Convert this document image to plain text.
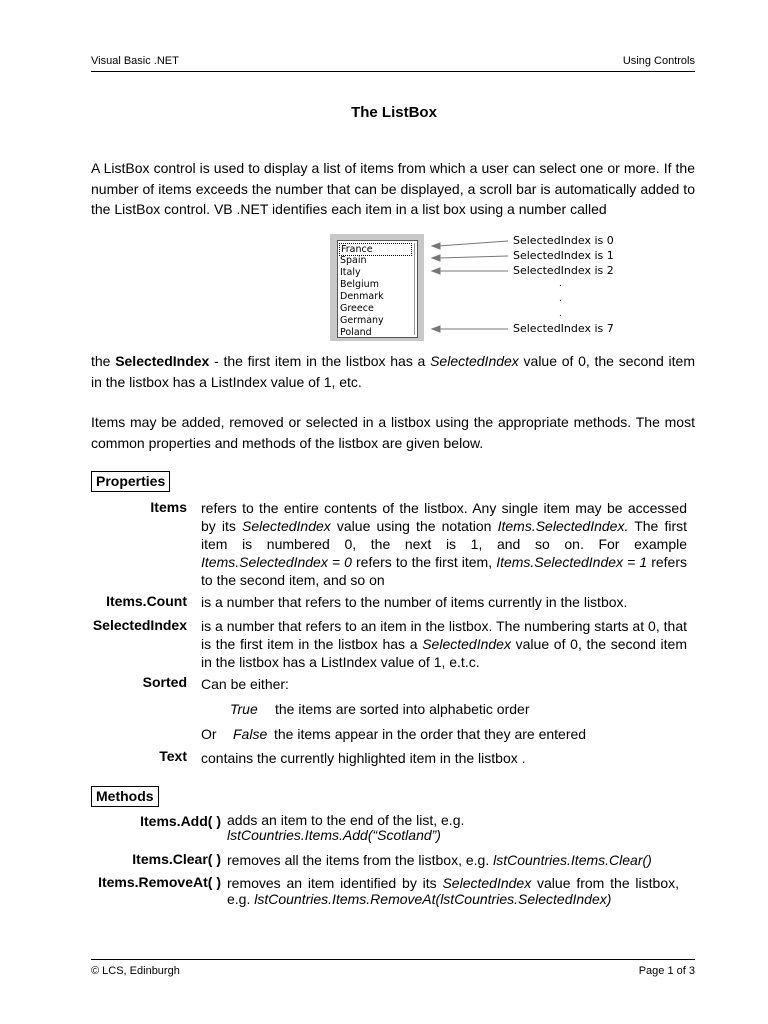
Visual Basic .NET	Using Controls
The ListBox

A ListBox control is used to display a list of items from which a user can select one or more. If the number of items exceeds the number that can be displayed, a scroll bar is automatically added to the ListBox control. VB .NET identifies each item in a list box using a number called

France
Spain
Italy
Belgium
Denmark
Greece
Germany
Poland
SelectedIndex is 0
SelectedIndex is 1
SelectedIndex is 2
.
.
.
SelectedIndex is 7

the SelectedIndex - the first item in the listbox has a SelectedIndex value of 0, the second item in the listbox has a ListIndex value of 1, etc.

Items may be added, removed or selected in a listbox using the appropriate methods. The most common properties and methods of the listbox are given below.

Properties
Items refers to the entire contents of the listbox. Any single item may be accessed by its SelectedIndex value using the notation Items.SelectedIndex. The first item is numbered 0, the next is 1, and so on. For example Items.SelectedIndex = 0 refers to the first item, Items.SelectedIndex = 1 refers to the second item, and so on

Items.Count is a number that refers to the number of items currently in the listbox.

SelectedIndex is a number that refers to an item in the listbox. The numbering starts at 0, that is the first item in the listbox has a SelectedIndex value of 0, the second item in the listbox has a ListIndex value of 1, e.t.c.

Sorted Can be either:

True the items are sorted into alphabetic order
Or False the items appear in the order that they are entered
Text contains the currently highlighted item in the listbox .

Methods
Items.Add( ) adds an item to the end of the list, e.g.
lstCountries.Items.Add(“Scotland”)

Items.Clear( ) removes all the items from the listbox, e.g. lstCountries.Items.Clear()

Items.RemoveAt( ) removes an item identified by its SelectedIndex value from the listbox, e.g. lstCountries.Items.RemoveAt(lstCountries.SelectedIndex)

© LCS, Edinburgh	Page 1 of 3
